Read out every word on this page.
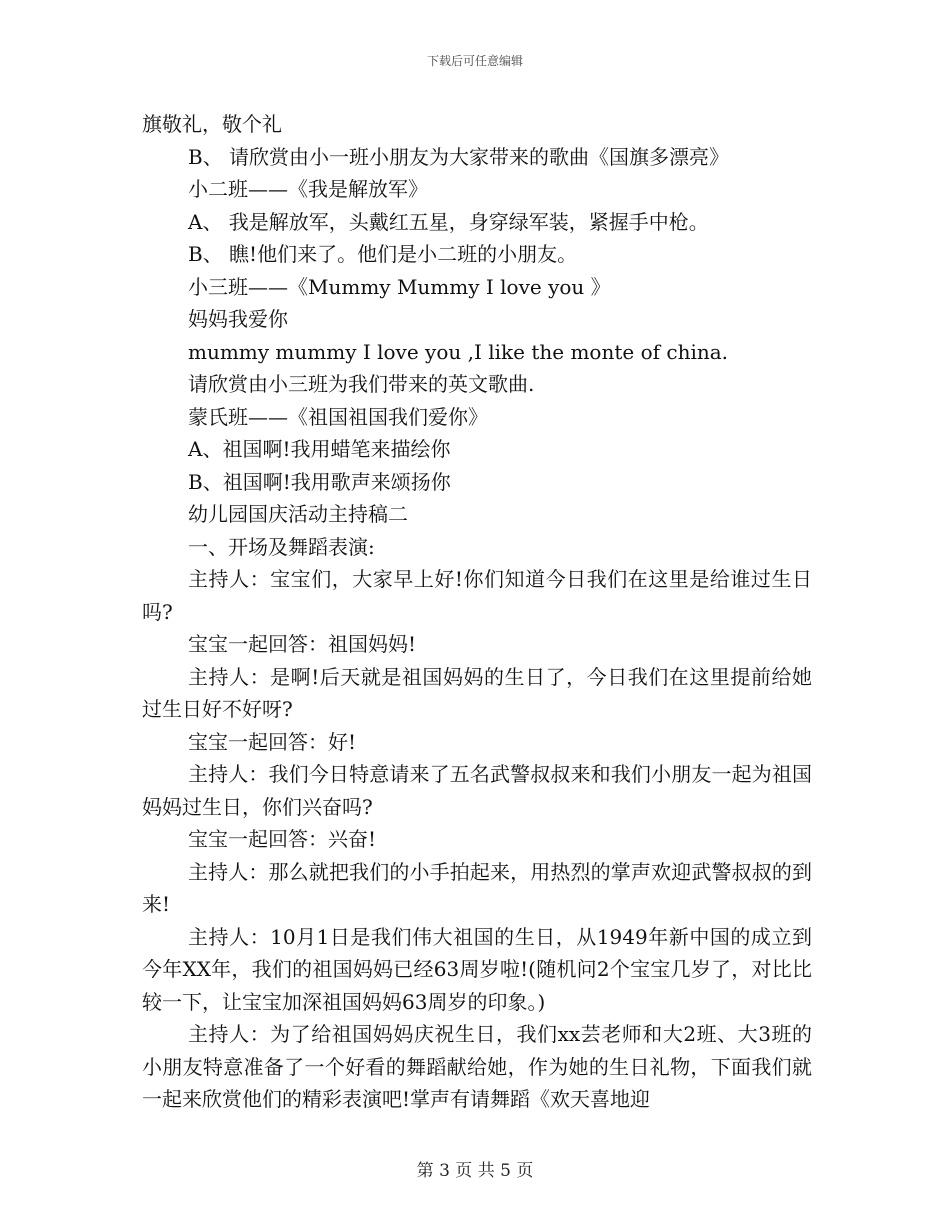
下载后可任意编辑

旗敬礼，敬个礼

B、 请欣赏由小一班小朋友为大家带来的歌曲《国旗多漂亮》

小二班——《我是解放军》

A、 我是解放军，头戴红五星，身穿绿军装，紧握手中枪。

B、 瞧!他们来了。他们是小二班的小朋友。

小三班——《Mummy Mummy I love you 》

妈妈我爱你

mummy mummy I love you ,I like the monte of china.

请欣赏由小三班为我们带来的英文歌曲.

蒙氏班——《祖国祖国我们爱你》

A、祖国啊!我用蜡笔来描绘你

B、祖国啊!我用歌声来颂扬你

幼儿园国庆活动主持稿二

一、开场及舞蹈表演:

主持人：宝宝们，大家早上好!你们知道今日我们在这里是给谁过生日吗?

宝宝一起回答：祖国妈妈!

主持人：是啊!后天就是祖国妈妈的生日了，今日我们在这里提前给她过生日好不好呀?

宝宝一起回答：好!

主持人：我们今日特意请来了五名武警叔叔来和我们小朋友一起为祖国妈妈过生日，你们兴奋吗?

宝宝一起回答：兴奋!

主持人：那么就把我们的小手拍起来，用热烈的掌声欢迎武警叔叔的到来!

主持人：10月1日是我们伟大祖国的生日，从1949年新中国的成立到今年XX年，我们的祖国妈妈已经63周岁啦!(随机问2个宝宝几岁了，对比比较一下，让宝宝加深祖国妈妈63周岁的印象。)

主持人：为了给祖国妈妈庆祝生日，我们xx芸老师和大2班、大3班的小朋友特意准备了一个好看的舞蹈献给她，作为她的生日礼物，下面我们就一起来欣赏他们的精彩表演吧!掌声有请舞蹈《欢天喜地迎

第 3 页 共 5 页
